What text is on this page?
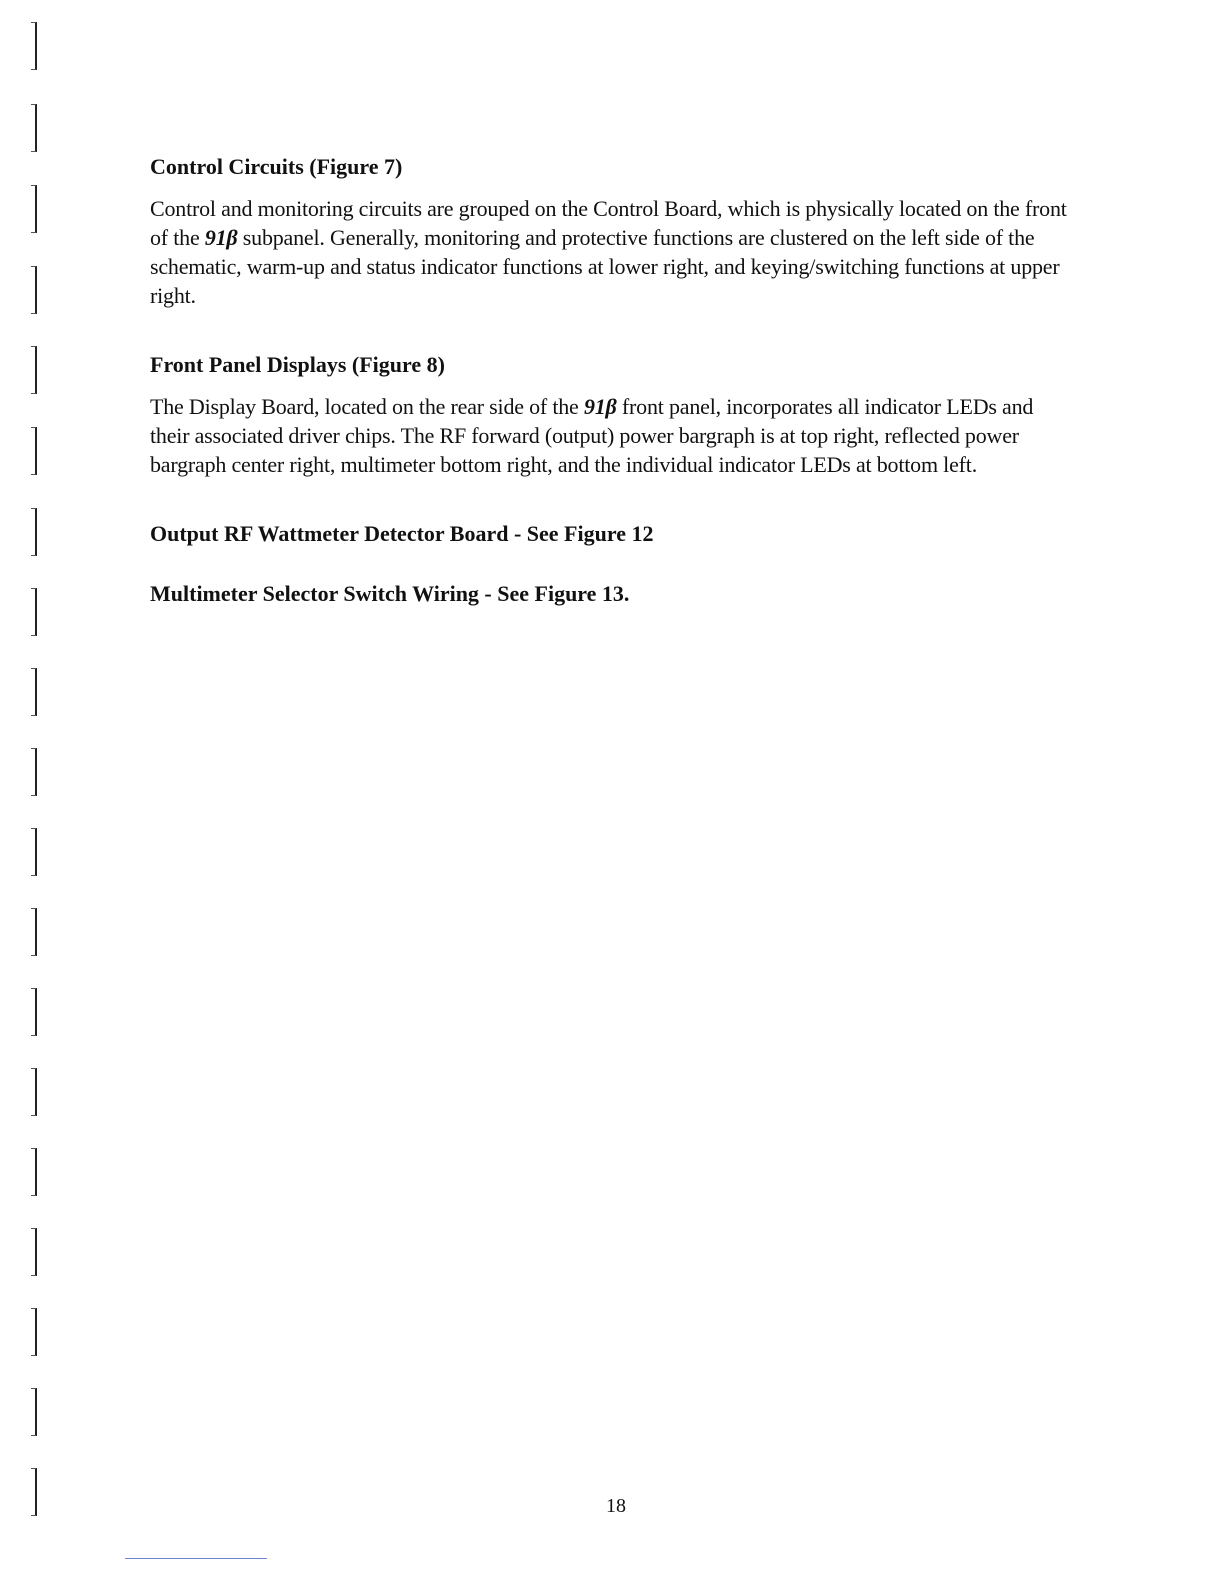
Control Circuits (Figure 7)

Control and monitoring circuits are grouped on the Control Board, which is physically located on the front of the 91β subpanel. Generally, monitoring and protective functions are clustered on the left side of the schematic, warm-up and status indicator functions at lower right, and keying/switching functions at upper right.

Front Panel Displays (Figure 8)

The Display Board, located on the rear side of the 91β front panel, incorporates all indicator LEDs and their associated driver chips. The RF forward (output) power bargraph is at top right, reflected power bargraph center right, multimeter bottom right, and the individual indicator LEDs at bottom left.

Output RF Wattmeter Detector Board - See Figure 12
Multimeter Selector Switch Wiring - See Figure 13.
18
